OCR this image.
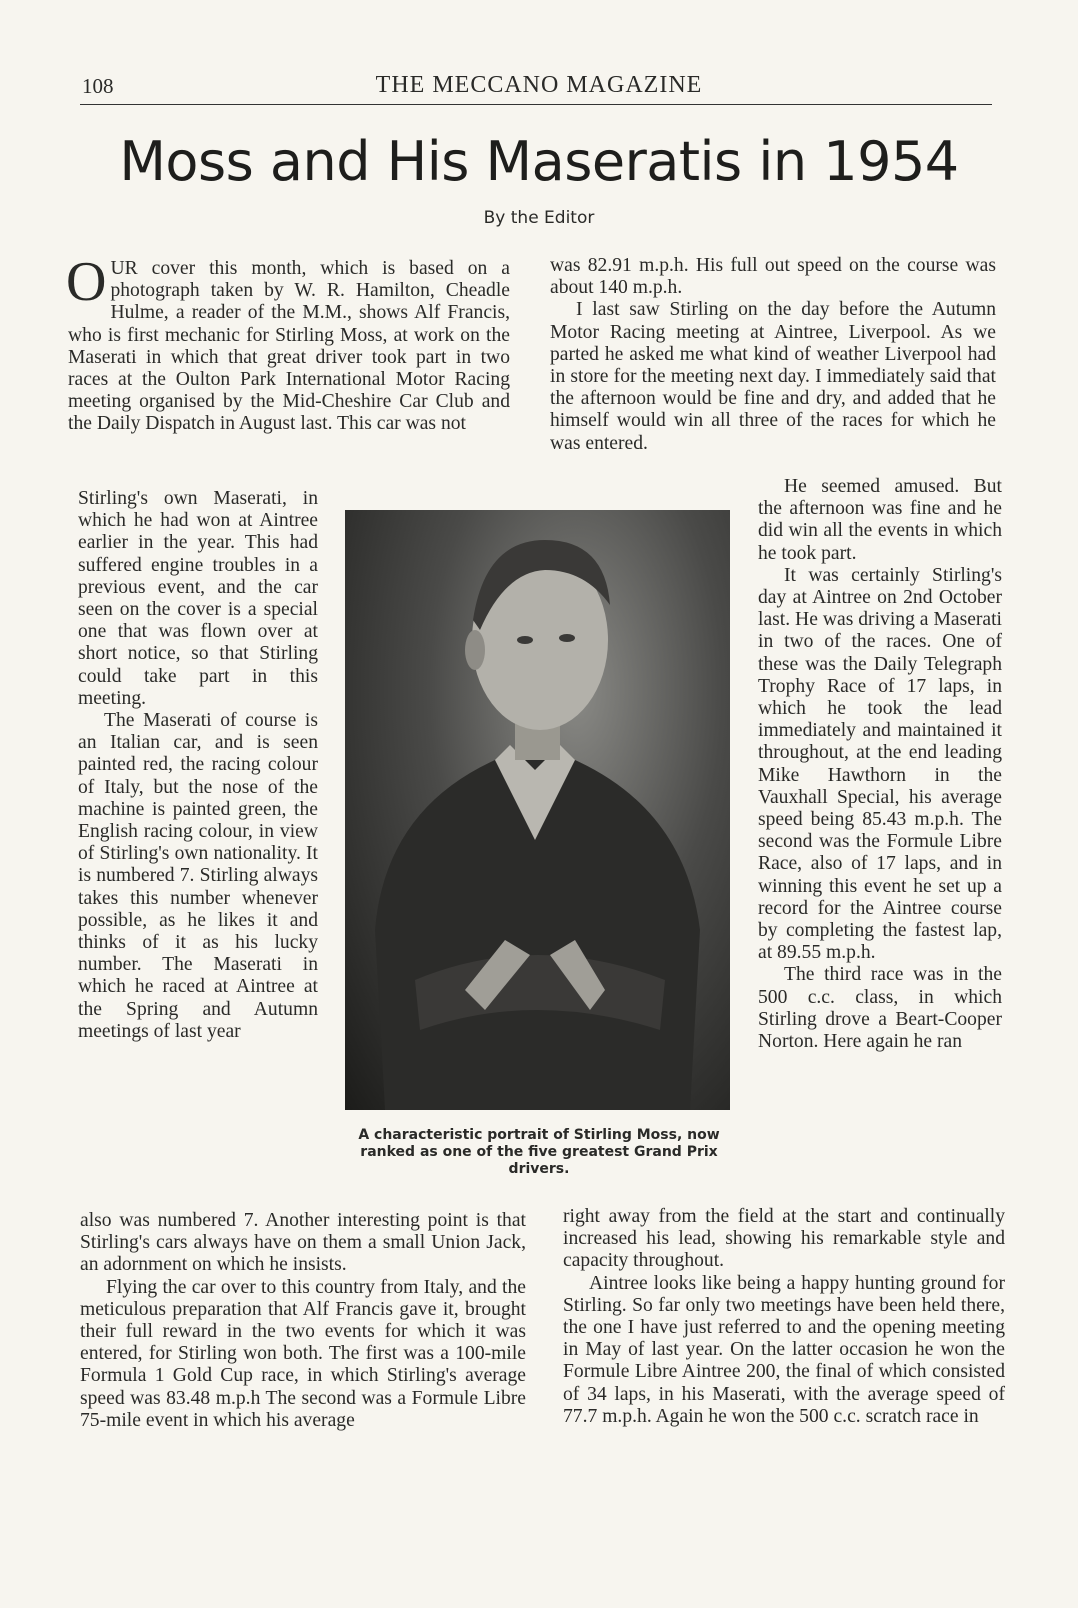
108	THE MECCANO MAGAZINE
Moss and His Maseratis in 1954
By the Editor

OUR cover this month, which is based on a photograph taken by W. R. Hamilton, Cheadle Hulme, a reader of the M.M., shows Alf Francis, who is first mechanic for Stirling Moss, at work on the Maserati in which that great driver took part in two races at the Oulton Park International Motor Racing meeting organised by the Mid-Cheshire Car Club and the Daily Dispatch in August last. This car was not

was 82.91 m.p.h. His full out speed on the course was about 140 m.p.h.

I last saw Stirling on the day before the Autumn Motor Racing meeting at Aintree, Liverpool. As we parted he asked me what kind of weather Liverpool had in store for the meeting next day. I immediately said that the afternoon would be fine and dry, and added that he himself would win all three of the races for which he was entered.

Stirling's own Maserati, in which he had won at Aintree earlier in the year. This had suffered engine troubles in a previous event, and the car seen on the cover is a special one that was flown over at short notice, so that Stirling could take part in this meeting.

The Maserati of course is an Italian car, and is seen painted red, the racing colour of Italy, but the nose of the machine is painted green, the English racing colour, in view of Stirling's own nationality. It is numbered 7. Stirling always takes this number whenever possible, as he likes it and thinks of it as his lucky number. The Maserati in which he raced at Aintree at the Spring and Autumn meetings of last year

A characteristic portrait of Stirling Moss, now ranked as one of the five greatest Grand Prix drivers.

He seemed amused. But the afternoon was fine and he did win all the events in which he took part.

It was certainly Stirling's day at Aintree on 2nd October last. He was driving a Maserati in two of the races. One of these was the Daily Telegraph Trophy Race of 17 laps, in which he took the lead immediately and maintained it throughout, at the end leading Mike Hawthorn in the Vauxhall Special, his average speed being 85.43 m.p.h. The second was the Formule Libre Race, also of 17 laps, and in winning this event he set up a record for the Aintree course by completing the fastest lap, at 89.55 m.p.h.

The third race was in the 500 c.c. class, in which Stirling drove a Beart-Cooper Norton. Here again he ran

also was numbered 7. Another interesting point is that Stirling's cars always have on them a small Union Jack, an adornment on which he insists.

Flying the car over to this country from Italy, and the meticulous preparation that Alf Francis gave it, brought their full reward in the two events for which it was entered, for Stirling won both. The first was a 100-mile Formula 1 Gold Cup race, in which Stirling's average speed was 83.48 m.p.h The second was a Formule Libre 75-mile event in which his average

right away from the field at the start and continually increased his lead, showing his remarkable style and capacity throughout.

Aintree looks like being a happy hunting ground for Stirling. So far only two meetings have been held there, the one I have just referred to and the opening meeting in May of last year. On the latter occasion he won the Formule Libre Aintree 200, the final of which consisted of 34 laps, in his Maserati, with the average speed of 77.7 m.p.h. Again he won the 500 c.c. scratch race in
